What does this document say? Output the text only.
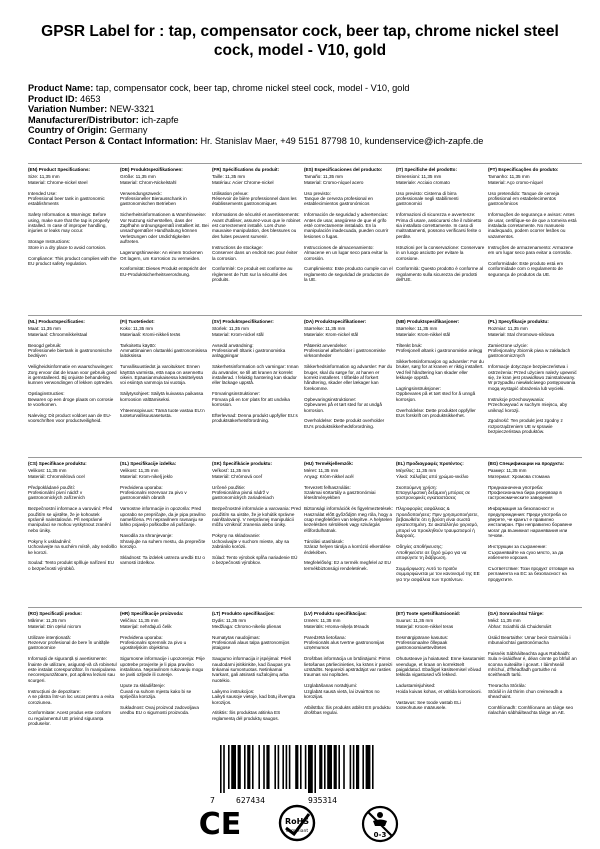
GPSR Label for : tap, compensator cock, beer tap, chrome nickel steel cock, model - V10, gold
Product Name: tap, compensator cock, beer tap, chrome nickel steel cock, model - V10, gold
Product ID: 4653
Variation Number: NEW-3321
Manufacturer/Distributor: ich-zapfe
Country of Origin: Germany
Contact Person & Contact Information: Hr. Stanislav Maer, +49 5151 87798 10, kundenservice@ich-zapfe.de
(EN) Product Specifications:
Size: 11,35 mm
Material: Chrome-nickel steel

Intended Use:
Professional beer tank in gastronomic establishments

Safety Information & Warnings: Before using, make sure that the tap is properly installed. In case of improper handling, injuries or leaks may occur.

Storage Instructions:
Store in a dry place to avoid corrosion.

Compliance: This product complies with the EU product safety regulation.
(DE) Produktspezifikationen:
Größe: 11,35 mm
Material: Chrom-Nickelstahl

Verwendungszweck:
Professioneller Bierausschank in gastronomischen Betrieben

Sicherheitsinformationen & Warnhinweise: Vor Nutzung sicherstellen, dass der Zapfhahn ordnungsgemäß installiert ist. Bei unsachgemäßer Handhabung können Verletzungen oder Undichtigkeiten auftreten.

Lagerungshinweise: An einem trockenen Ort lagern, um Korrosion zu vermeiden.

Konformität: Dieses Produkt entspricht der EU-Produktsicherheitsverordnung.
(FR) Spécifications du produit:
Taille: 11,35 mm
Matériau: Acier Chrome-nickel

Utilisation prévue:
Réservoir de bière professionnel dans les établissements gastronomiques

Informations de sécurité et avertissements: Avant d'utiliser, assurez-vous que le robinet est correctement installé. Lors d'une mauvaise manipulation, des blessures ou des fuites peuvent survenir.

Instructions de stockage:
Conserver dans un endroit sec pour éviter la corrosion.

Conformité: Ce produit est conforme au règlement de l'UE sur la sécurité des produits.
(ES) Especificaciones del producto:
Tamaño: 11,35 mm
Material: Cromo-níquel acero

Uso previsto:
Tanque de cerveza profesional en establecimientos gastronómicos

Información de seguridad y advertencias: Antes de usar, asegúrese de que el grifo esté correctamente instalado. En la manipulación inadecuada, pueden ocurrir lesiones o fugas.

Instrucciones de almacenamiento: Almacene en un lugar seco para evitar la corrosión.

Cumplimiento: Este producto cumple con el reglamento de seguridad de productos de la UE.
(IT) Specifiche del prodotto:
Dimensioni: 11,35 mm
Materiale: Acciaio cromato

Uso previsto: Cisterna di birra professionale negli stabilimenti gastronomici

Informazioni di sicurezza e avvertenze:
Prima di usare, assicurarsi che il rubinetto sia installato correttamente. In caso di maltrattamenti, possono verificarsi ferite o perdite.

Istruzioni per la conservazione: Conservare in un luogo asciutto per evitare la corrosione.

Conformità: Questo prodotto è conforme al regolamento sulla sicurezza dei prodotti dell'UE.
(PT) Especificações do produto:
Tamanho: 11,35 mm
Material: Aço cromo-níquel

Uso pretendido: Tanque de cerveja profissional em estabelecimentos gastronômicos

Informações de segurança e avisos: Antes de usar, certifique-se de que a torneira está instalada corretamente. No manuseio inadequado, podem ocorrer lesões ou vazamentos.

Instruções de armazenamento: Armazene em um lugar seco para evitar a corrosão.

Conformidade: Este produto está em conformidade com o regulamento de segurança de produtos da UE.
(NL) Productspecificaties:
Maat: 11,35 mm
Materiaal: Chroomnikkelstaal

Beoogd gebruik:
Professionele biertank in gastronomische bedrijven

Veiligheidsinformatie en waarschuwingen: Zorg ervoor dat de kraan voor gebruik goed is geïnstalleerd. Bij onjuiste behandeling kunnen verwondingen of lekken optreden.

Opslaginstructies:
Bewaren op een droge plaats om corrosie te voorkomen.

Naleving: Dit product voldoet aan de EU-voorschriften voor productveiligheid.
(FI) Tuotetiedot:
Koko: 11,35 mm
Materiaali: Kromi-nikkeli teräs

Tarkoitettu käyttö:
Ammattimainen oluttankki gastronomisissa laitoksissa

Turvallisuustiedot ja varoitukset: Ennen käyttöä varmista, että napa on asennettu oikein. Epäasianmukaisessa käsittelyssä voi esiintyä vammoja tai vuotoja.

Säilytysohjeet: Säilytä kuivassa paikassa korroosion välttämiseksi.

Yhteensopivuus: Tämä tuote vastaa EU:n tuoteturvallisuusasetusta.
(SV) Produktspecifikationer:
Storlek: 11,35 mm
Material: Krom-nickel stål

Avsedd användning:
Professionell öltank i gastronomiska anläggningar

Säkerhetsinformation och varningar: Innan du använder, se till att kranen är korrekt installerad. I felaktig hantering kan skador eller läckage uppstå.

Förvaringsinstruktioner:
Förvara på en torr plats för att undvika korrosion.

Efterlevnad: Denna produkt uppfyller EU:s produktsäkerhetsförordning.
(DA) Produktspecifikationer:
Størrelse: 11,35 mm
Materiale: Krom-nickel stål

Påtænkt anvendelse:
Professionel ølbeholder i gastronomiske virksomheder

Sikkerhedsinformation og advarsler: Før du bruger, skal du sørge for, at hanen er korrekt installeret. I tilfælde af forkert håndtering, skader eller lækager kan forekomme.

Opbevaringsinstruktioner:
Opbevares på et tørt sted for at undgå korrosion.

Overholdelse: Dette produkt overholder EU's produktsikkerhedsforordning.
(NB) Produktspesifikasjoner:
Størrelse: 11,35 mm
Materiale: Krom-nikkel stål

Tiltenkt bruk:
Profesjonell øltank i gastronomiske anlegg

Sikkerhetsinformasjon og advarsler: Før du bruker, sørg for at kranen er riktig installert. Ved feil håndtering kan skader eller lekkasje oppstå.

Lagringsinstruksjoner:
Oppbevares på et tørt sted for å unngå korrosjon.

Overholdelse: Dette produktet oppfyller EUs forskrift om produktsikkerhet.
(PL) Specyfikacje produktu:
Rozmiar: 11,35 mm
Materiał: Stal chromowo-niklowa

Zamierzone użycie:
Profesjonalny zbiornik piwa w zakładach gastronomicznych

Informacje dotyczące bezpieczeństwa i ostrzeżenia: Przed użyciem należy upewnić się, że kran jest prawidłowo zainstalowany. W przypadku niewłaściwego postępowania mogą wystąpić obrażenia lub wycieki.

Instrukcje przechowywania:
Przechowywać w suchym miejscu, aby uniknąć korozji.

Zgodność: Ten produkt jest zgodny z rozporządzeniem UE w sprawie bezpieczeństwa produktów.
(CS) Specifikace produktu:
Velikost: 11,35 mm
Materiál: Chromniklová ocel

Předpokládané použití:
Profesionální pivní nádrž v gastronomických zařízeních

Bezpečnostní informace a varování: Před použitím se ujistěte, že je kohoutek správně nainstalován. Při nesprávné manipulaci se mohou vyskytnout zranění nebo úniky.

Pokyny k uskladnění:
Uchovávejte na suchém místě, aby nedošlo ke korozi.

Soulad: Tento produkt splňuje nařízení EU o bezpečnosti výrobků.
(SL) Specifikacije izdelka:
Velikost: 11,35 mm
Material: Krom-nikelj jeklo

Predvidena uporaba:
Profesionalni rezervoar za pivo v gastronomskih obratih

Varnostne informacije in opozorila: Pred uporabo se prepričajte, da je pipa pravilno nameščena. Pri nepravilnem ravnanju se lahko pojavijo poškodbe ali puščanje.

Navodila za shranjevanje:
Shranjujte na suhem mestu, da preprečite korozijo.

Skladnost: Ta izdelek ustreza uredbi EU o varnosti izdelkov.
(SK) Špecifikácie produktu:
Veľkosť: 11,35 mm
Materiál: Chrómová oceľ

Určené použitie:
Profesionálna pivná nádrž v gastronomických zariadeniach

Bezpečnostné informácie a varovania: Pred použitím sa uistite, že je kohútik správne nainštalovaný. V nesprávnej manipulácii môžu vzniknúť zranenia alebo úniky.

Pokyny na skladovanie:
Uchovávajte v suchom mieste, aby sa zabránilo korózii.

Súlad: Tento výrobok spĺňa nariadenie EÚ o bezpečnosti výrobkov.
(HU) Termékjellemzők:
Méret: 11,35 mm
Anyag: Króm-nikkel acél

Tervezett felhasználás:
Szakmai sörtartály a gasztronómiai létesítményekben

Biztonsági információk és figyelmeztetések: Használat előtt győződjön meg róla, hogy a csap megfelelően van telepítve. A helytelen kezelésben sérülések vagy szivárgás előfordulhatnak.

Tárolási utasítások:
Száraz helyen tárolja a korrózió elkerülése érdekében.

Megfelelőség: Ez a termék megfelel az EU termékbiztonsági rendeletének.
(EL) Προδιαγραφές προϊόντος:
Μέγεθος: 11,35 mm
Υλικό: Χάλυβας από χρώμιο-νικέλιο

Σκοπούμενη χρήση:
Επαγγελματική δεξαμενή μπύρας σε γαστρονομικές εγκαταστάσεις

Πληροφορίες ασφάλειας & προειδοποιήσεις: Πριν χρησιμοποιήσετε, βεβαιωθείτε ότι η βρύση είναι σωστά εγκατεστημένη. Σε ακατάλληλο χειρισμό, μπορεί να προκληθούν τραυματισμοί ή διαρροές.

Οδηγίες αποθήκευσης:
Αποθηκεύστε σε ξηρό χώρο για να αποφύγετε τη διάβρωση.

Συμμόρφωση: Αυτό το προϊόν συμμορφώνεται με τον κανονισμό της ΕΕ για την ασφάλεια των προϊόντων.
(BG) Спецификации на продукта:
Размер: 11,35 mm
Материал: Хромова стомана

Предназначена употреба:
Професионална бира резервоар в гастрономическите заведения

Информация за безопасност и предупреждения: Преди употреба се уверете, че кранът е правилно инсталиран. При неправилно боравене могат да възникнат наранявания или течове.

Инструкции за съхранение:
Съхранявайте на сухо място, за да избегнете корозия.

Съответствие: Този продукт отговаря на регламента на ЕС за безопасност на продуктите.
(RO) Specificații produs:
Mărime: 11,35 mm
Material: Din oțelul nicrom

Utilizare intenționată:
Rezervor profesional de bere în unitățile gastronomice

Informații de siguranță și avertismente: Înainte de utilizare, asigurați-vă că robinetul este instalat corespunzător. În manipularea necorespunzătoare, pot apărea leziuni sau scurgeri.

Instrucțiuni de depozitare:
A se păstra într-un loc uscat pentru a evita coroziunea.

Conformitate: Acest produs este conform cu regulamentul UE privind siguranța produselor.
(HR) Specifikacije proizvoda:
Veličina: 11,35 mm
Materijal: nehrđajući čelik

Predviđena uporaba:
Profesionalni spremnik za pivo u ugostiteljskim objektima

Sigurnosne informacije i upozorenja: Prije upotrebe provjerite je li pipa pravilno instalirana. Nepravilnom rukovanju mogu se javiti ozljede ili curenje.

Upute za skladištenje:
Čuvati na suhom mjestu kako bi se spriječila korozija.

Sukladnost: Ovaj proizvod zadovoljava uredbu EU o sigurnosti proizvoda.
(LT) Produkto specifikacijos:
Dydis: 11,35 mm
Medžiaga: Chromo-nikelio plienas

Numatytas naudojimas:
Profesionali alaus talpa gastronomijos įstaigose

Saugumo informacija ir įspėjimai: Prieš naudodami įsitikinkite, kad čiaupas yra tinkamai sumontuotas. Netinkamai tvarkant, gali atsirasti sužalojimų arba nuotėkio.

Laikymo instrukcijos:
Laikyti sausoje vietoje, kad būtų išvengta korozijos.

Atitiktis: Šis produktas atitinka ES reglamentą dėl produktų saugos.
(LV) Produktu specifikācijas:
Izmērs: 11,35 mm
Materiāls: Hroma-niķeļa tērauds

Paredzētā lietošana:
Profesionāls alus tvertne gastronomijas uzņēmumos

Drošības informācija un brīdinājumi: Pirms lietošanas pārliecinieties, ka krāns ir pareizi uzstādīts. Nepareizi apstrādājot var rasties traumas vai noplūdes.

Uzglabāšanas norādījumi:
Uzglabāt sausā vietā, lai izvairītos no korozijas.

Atbilstība: Šis produkts atbilst ES produktu drošības regulai.
(ET) Toote spetsifikatsioonid:
Suurus: 11,35 mm
Materjal: Kroom-nikkel teras

Eesmärgipärane kasutus:
Professionaalne õllepaak gastronoomiaettevõtetes

Ohutusteave ja hoiatused: Enne kasutamist veenduge, et kraan on korrektselt paigaldatud. Ebaõigel käsitsemisel võivad tekkida vigastused või lekked.

Ladustamisjuhised:
Hoida kuivas kohas, et vältida korrosiooni.

Vastavus: See toode vastab ELi tooteohutuse määrusele.
(GA) Sonraíochtaí Táirge:
Méid: 11,35 mm
Ábhar: Sciathlú dá Chuidsmáirt

Úsáid Beartaithe: Umar beoir Gairmiúla i mbunaíochtaí gastronómacha

Faisnéis Sábháilteachta agus Rabhaidh: Sula n-úsáidfear é, déan cinnte go bhfuil an sconna suiteáilte i gceart. I láimhseáil mhíchuí, d'fhéadfadh gortuithe nó sceitheadh tarlú.

Treoracha Stórála:
Stóráil in áit thirim chun creimeadh a sheachaint.

Comhlíonadh: Comhlíonann an táirge seo rialachán sábháilteachta táirge an AE.
7	627434	935314
CE	RoHS
compliant	0-3
